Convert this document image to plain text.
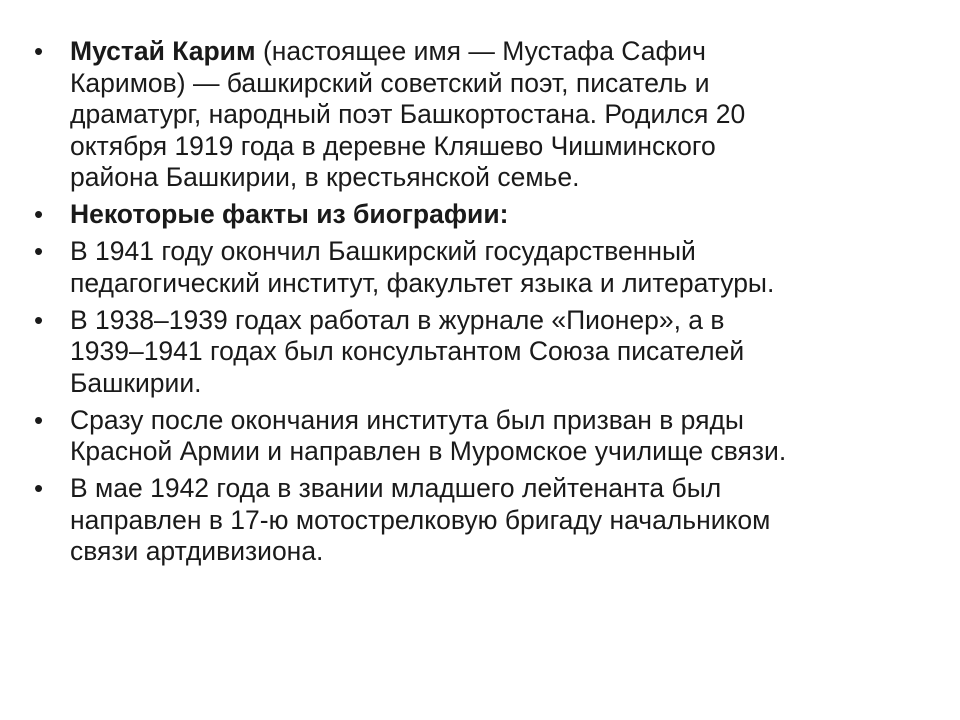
•	Мустай Карим (настоящее имя — Мустафа Сафич
Каримов) — башкирский советский поэт, писатель и
драматург, народный поэт Башкортостана. Родился 20
октября 1919 года в деревне Кляшево Чишминского
района Башкирии, в крестьянской семье.
•	Некоторые факты из биографии:
•	В 1941 году окончил Башкирский государственный
педагогический институт, факультет языка и литературы.
•	В 1938–1939 годах работал в журнале «Пионер», а в
1939–1941 годах был консультантом Союза писателей
Башкирии.
•	Сразу после окончания института был призван в ряды
Красной Армии и направлен в Муромское училище связи.
•	В мае 1942 года в звании младшего лейтенанта был
направлен в 17-ю мотострелковую бригаду начальником
связи артдивизиона.
